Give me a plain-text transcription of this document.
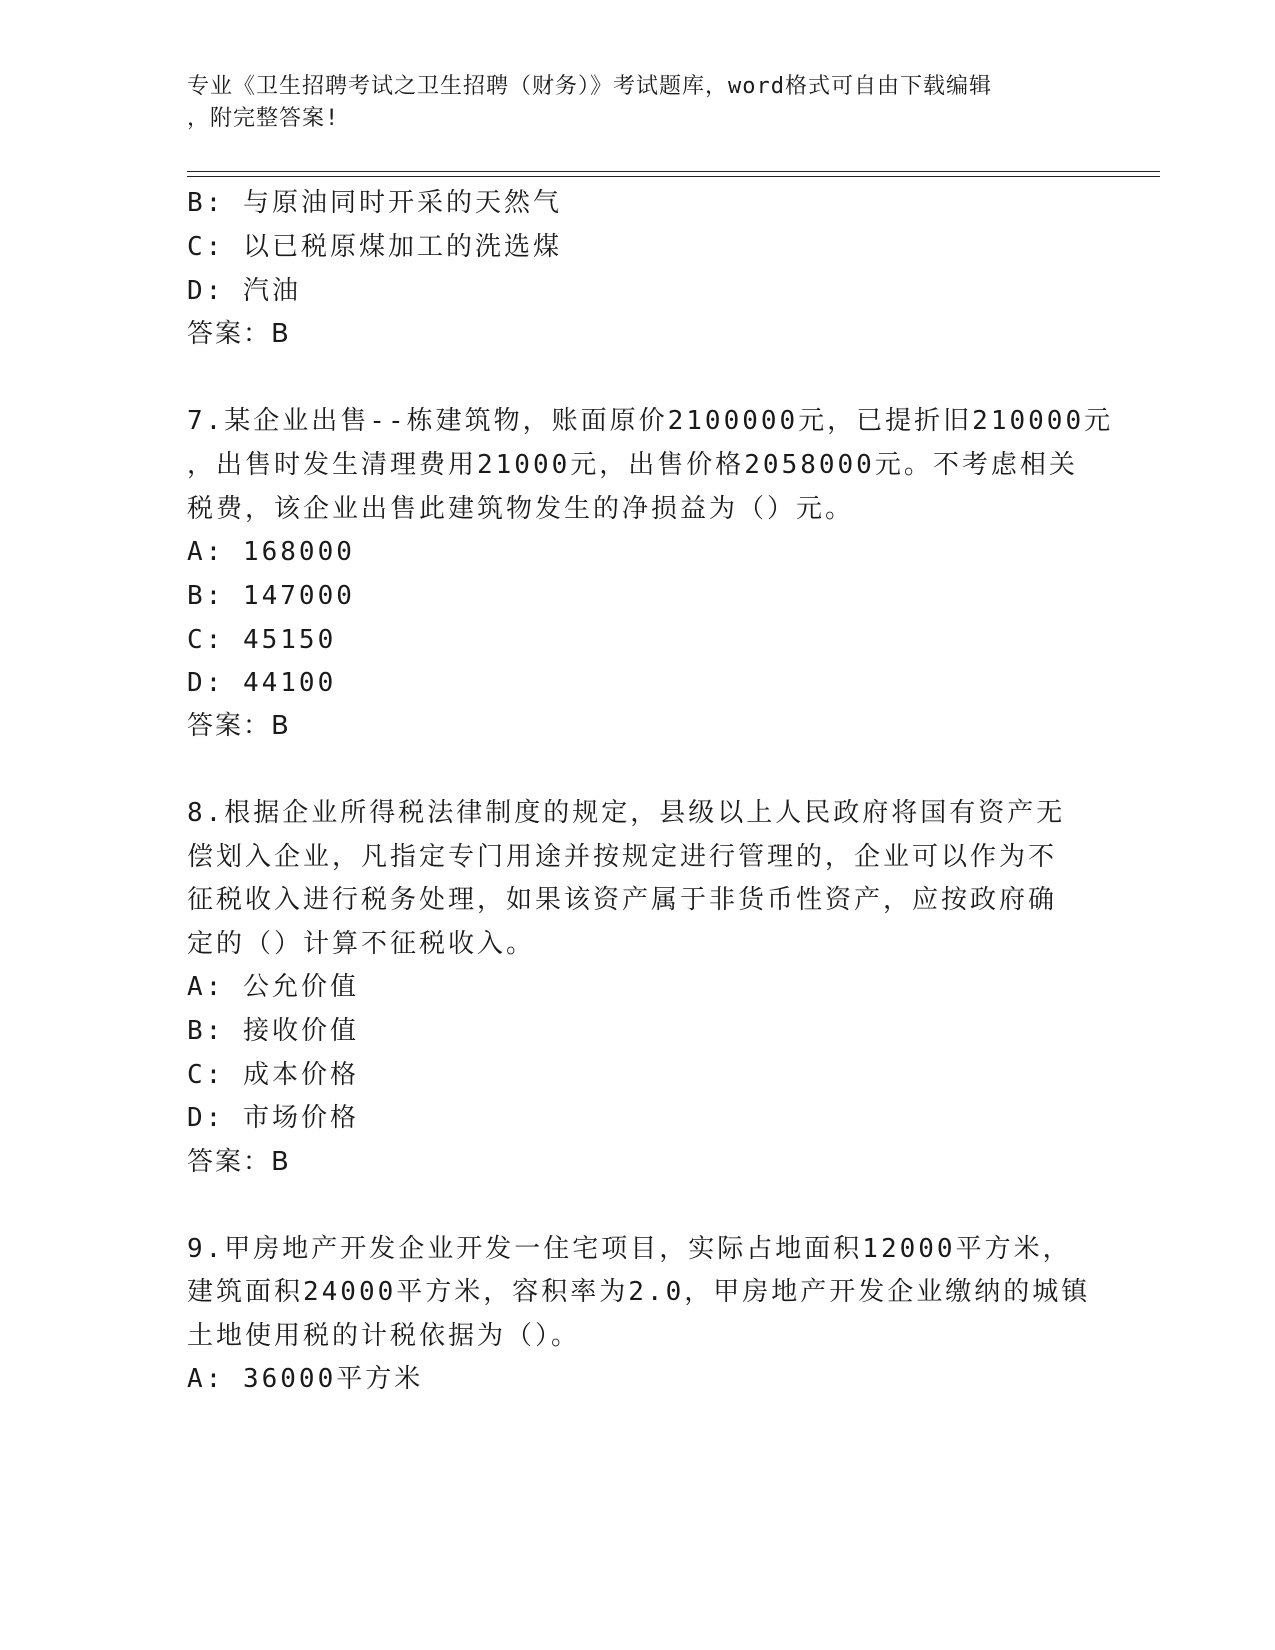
专业《卫生招聘考试之卫生招聘（财务）》考试题库，word格式可自由下载编辑
，附完整答案!
B: 与原油同时开采的天然气
C: 以已税原煤加工的洗选煤
D: 汽油
答案：B
7.某企业出售--栋建筑物，账面原价2100000元，已提折旧210000元
，出售时发生清理费用21000元，出售价格2058000元。不考虑相关
税费，该企业出售此建筑物发生的净损益为（）元。
A: 168000
B: 147000
C: 45150
D: 44100
答案：B
8.根据企业所得税法律制度的规定，县级以上人民政府将国有资产无
偿划入企业，凡指定专门用途并按规定进行管理的，企业可以作为不
征税收入进行税务处理，如果该资产属于非货币性资产，应按政府确
定的（）计算不征税收入。
A: 公允价值
B: 接收价值
C: 成本价格
D: 市场价格
答案：B
9.甲房地产开发企业开发一住宅项目，实际占地面积12000平方米，
建筑面积24000平方米，容积率为2.0，甲房地产开发企业缴纳的城镇
土地使用税的计税依据为（）。
A: 36000平方米
